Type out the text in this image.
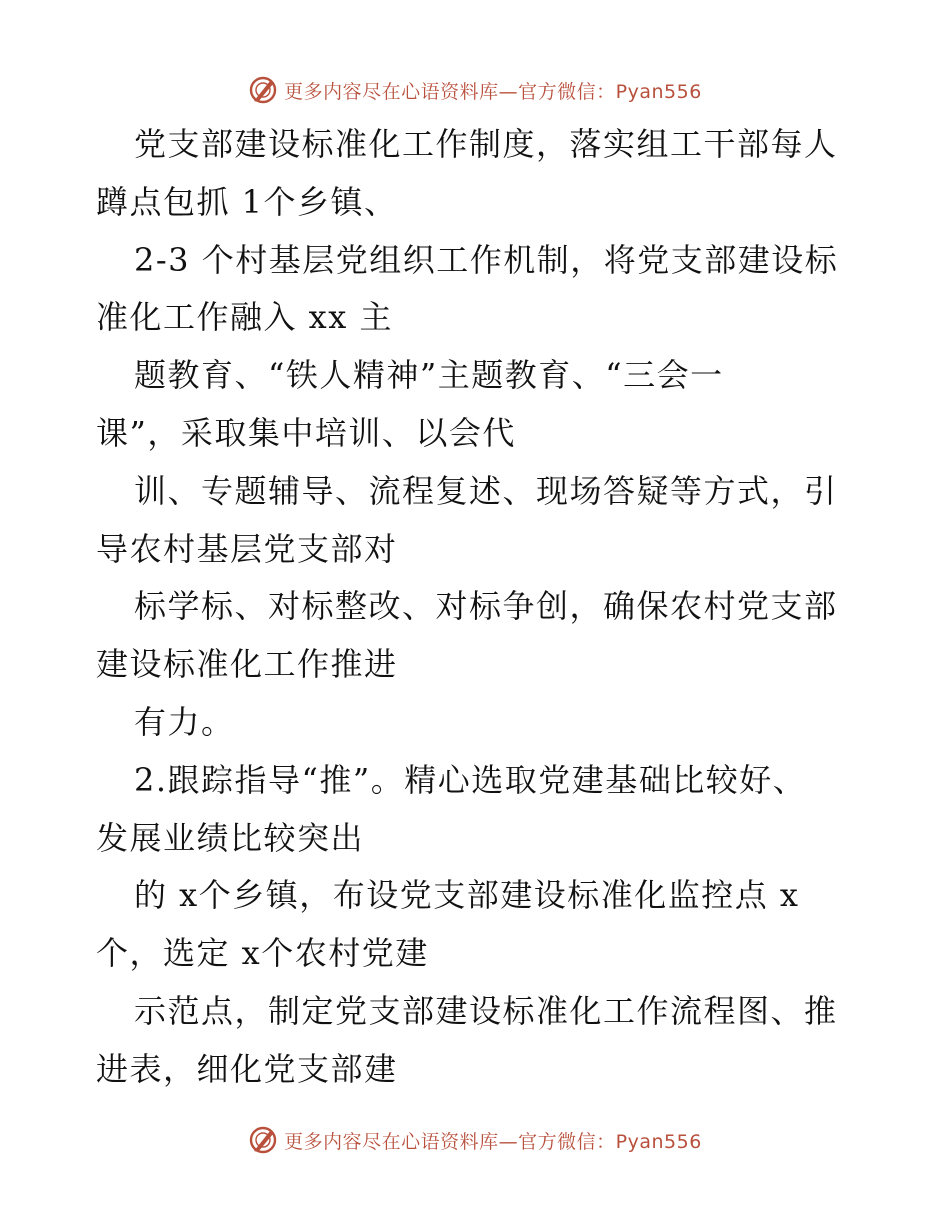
更多内容尽在心语资料库—官方微信：Pyan556
党支部建设标准化工作制度，落实组工干部每人
蹲点包抓 1个乡镇、
2-3 个村基层党组织工作机制，将党支部建设标
准化工作融入 xx 主
题教育、“铁人精神”主题教育、“三会一
课”，采取集中培训、以会代
训、专题辅导、流程复述、现场答疑等方式，引
导农村基层党支部对
标学标、对标整改、对标争创，确保农村党支部
建设标准化工作推进
有力。
2.跟踪指导“推”。精心选取党建基础比较好、
发展业绩比较突出
的 x个乡镇，布设党支部建设标准化监控点 x
个，选定 x个农村党建
示范点，制定党支部建设标准化工作流程图、推
进表，细化党支部建
更多内容尽在心语资料库—官方微信：Pyan556
